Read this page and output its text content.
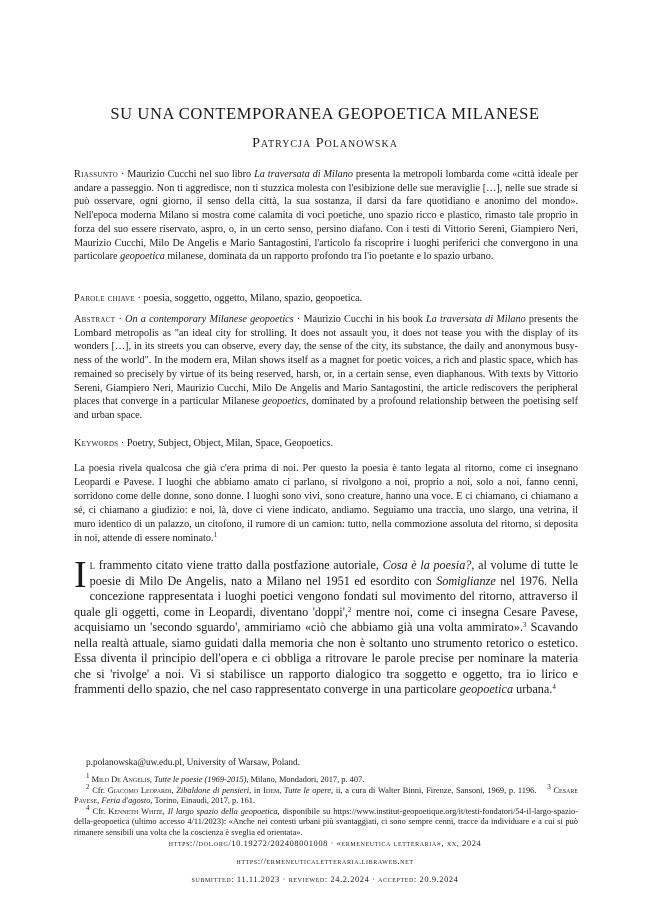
SU UNA CONTEMPORANEA GEOPOETICA MILANESE
Patrycja Polanowska

Riassunto · Maurizio Cucchi nel suo libro La traversata di Milano presenta la metropoli lombarda come «città ideale per andare a passeggio. Non ti aggredisce, non ti stuzzica molesta con l'esibizione delle sue meraviglie […], nelle sue strade si può osservare, ogni giorno, il senso della città, la sua sostanza, il darsi da fare quotidiano e anonimo del mondo». Nell'epoca moderna Milano si mostra come calamita di voci poetiche, uno spazio ricco e plastico, rimasto tale proprio in forza del suo essere riservato, aspro, o, in un certo senso, persino diafano. Con i testi di Vittorio Sereni, Giampiero Neri, Maurizio Cucchi, Milo De Angelis e Mario Santagostini, l'articolo fa riscoprire i luoghi periferici che convergono in una particolare geopoetica milanese, dominata da un rapporto profondo tra l'io poetante e lo spazio urbano.

Parole chiave · poesia, soggetto, oggetto, Milano, spazio, geopoetica.

Abstract · On a contemporary Milanese geopoetics · Maurizio Cucchi in his book La traversata di Milano presents the Lombard metropolis as "an ideal city for strolling. It does not assault you, it does not tease you with the display of its wonders […], in its streets you can observe, every day, the sense of the city, its substance, the daily and anonymous busy-ness of the world". In the modern era, Milan shows itself as a magnet for poetic voices, a rich and plastic space, which has remained so precisely by virtue of its being reserved, harsh, or, in a certain sense, even diaphanous. With texts by Vittorio Sereni, Giampiero Neri, Maurizio Cucchi, Milo De Angelis and Mario Santagostini, the article rediscovers the peripheral places that converge in a particular Milanese geopoetics, dominated by a profound relationship between the poetising self and urban space.

Keywords · Poetry, Subject, Object, Milan, Space, Geopoetics.

La poesia rivela qualcosa che già c'era prima di noi. Per questo la poesia è tanto legata al ritorno, come ci insegnano Leopardi e Pavese. I luoghi che abbiamo amato ci parlano, si rivolgono a noi, proprio a noi, solo a noi, fanno cenni, sorridono come delle donne, sono donne. I luoghi sono vivi, sono creature, hanno una voce. E ci chiamano, ci chiamano a sé, ci chiamano a giudizio: e noi, là, dove ci viene indicato, andiamo. Seguiamo una traccia, uno slargo, una vetrina, il muro identico di un palazzo, un citofono, il rumore di un camion: tutto, nella commozione assoluta del ritorno, si deposita in noi, attende di essere nominato.$^1$

Il frammento citato viene tratto dalla postfazione autoriale, Cosa è la poesia?, al volume di tutte le poesie di Milo De Angelis, nato a Milano nel 1951 ed esordito con Somiglianze nel 1976. Nella concezione rappresentata i luoghi poetici vengono fondati sul movimento del ritorno, attraverso il quale gli oggetti, come in Leopardi, diventano 'doppi',$^2$ mentre noi, come ci insegna Cesare Pavese, acquisiamo un 'secondo sguardo', ammiriamo «ciò che abbiamo già una volta ammirato».$^3$ Scavando nella realtà attuale, siamo guidati dalla memoria che non è soltanto uno strumento retorico o estetico. Essa diventa il principio dell'opera e ci obbliga a ritrovare le parole precise per nominare la materia che si 'rivolge' a noi. Vi si stabilisce un rapporto dialogico tra soggetto e oggetto, tra io lirico e frammenti dello spazio, che nel caso rappresentato converge in una particolare geopoetica urbana.$^4$

p.polanowska@uw.edu.pl, University of Warsaw, Poland.

$^1$ Milo De Angelis, Tutte le poesie (1969-2015), Milano, Mondadori, 2017, p. 407.

$^2$ Cfr. Giacomo Leopardi, Zibaldone di pensieri, in Idem, Tutte le opere, ii, a cura di Walter Binni, Firenze, Sansoni, 1969, p. 1196. $^3$ Cesare Pavese, Feria d'agosto, Torino, Einaudi, 2017, p. 161.

$^4$ Cfr. Kenneth White, Il largo spazio della geopoetica, disponibile su https://www.institut-geopoetique.org/it/testi-fondatori/54-il-largo-spazio-della-geopoetica (ultimo accesso 4/11/2023): «Anche nei contesti urbani più svantaggiati, ci sono sempre cenni, tracce da individuare e a cui si può rimanere sensibili una volta che la coscienza è sveglia ed orientata».

https://doi.org/10.19272/202408001008 · «ermeneutica letteraria», xx, 2024
https://ermeneuticaletteraria.libraweb.net
submitted: 11.11.2023 · reviewed: 24.2.2024 · accepted: 20.9.2024
